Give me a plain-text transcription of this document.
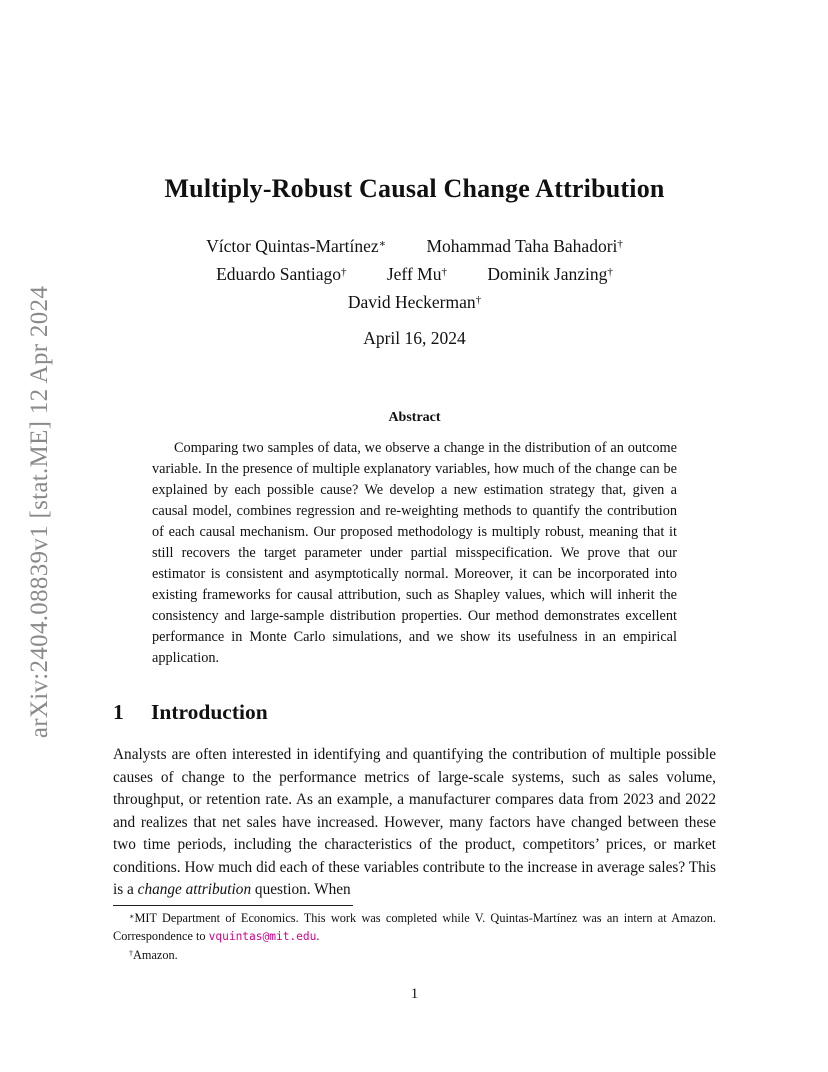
arXiv:2404.08839v1 [stat.ME] 12 Apr 2024
Multiply-Robust Causal Change Attribution
Víctor Quintas-Martínez∗ Mohammad Taha Bahadori†
Eduardo Santiago† Jeff Mu† Dominik Janzing†
David Heckerman†
April 16, 2024
Abstract
Comparing two samples of data, we observe a change in the distribution of an outcome variable. In the presence of multiple explanatory variables, how much of the change can be explained by each possible cause? We develop a new estimation strategy that, given a causal model, combines regression and re-weighting methods to quantify the contribution of each causal mechanism. Our proposed methodology is multiply robust, meaning that it still recovers the target parameter under partial misspecification. We prove that our estimator is consistent and asymptotically normal. Moreover, it can be incorporated into existing frameworks for causal attribution, such as Shapley values, which will inherit the consistency and large-sample distribution properties. Our method demonstrates excellent performance in Monte Carlo simulations, and we show its usefulness in an empirical application.
1 Introduction
Analysts are often interested in identifying and quantifying the contribution of multiple possible causes of change to the performance metrics of large-scale systems, such as sales volume, throughput, or retention rate. As an example, a manufacturer compares data from 2023 and 2022 and realizes that net sales have increased. However, many factors have changed between these two time periods, including the characteristics of the product, competitors’ prices, or market conditions. How much did each of these variables contribute to the increase in average sales? This is a change attribution question. When
∗MIT Department of Economics. This work was completed while V. Quintas-Martínez was an intern at Amazon. Correspondence to vquintas@mit.edu.
†Amazon.
1
